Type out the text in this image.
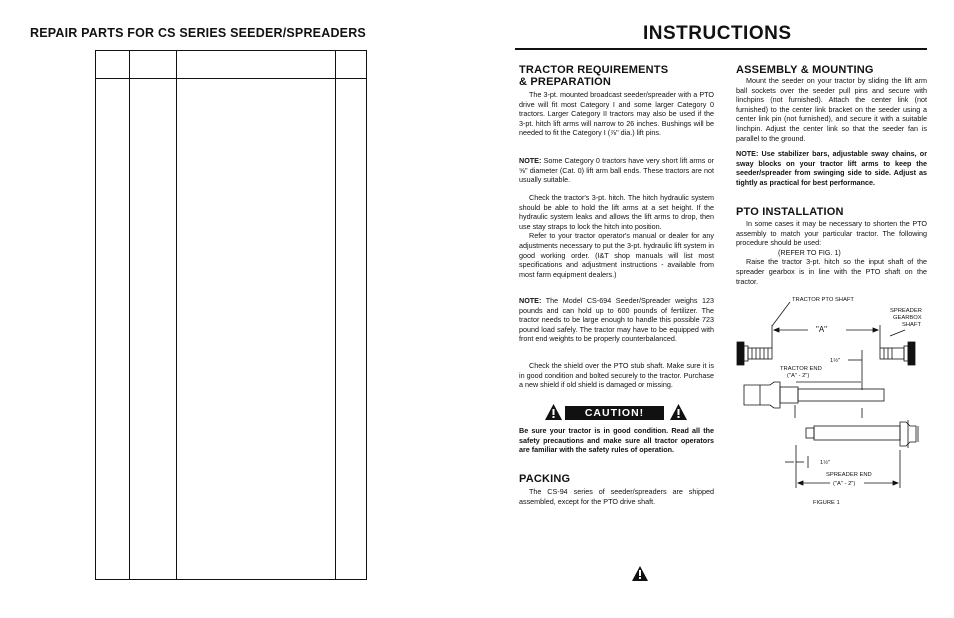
REPAIR PARTS FOR CS SERIES SEEDER/SPREADERS	INSTRUCTIONS
TRACTOR REQUIREMENTS
& PREPARATION

The 3-pt. mounted broadcast seeder/spreader with a PTO drive will fit most Category I and some larger Category 0 tractors. Larger Category II tractors may also be used if the 3-pt. hitch lift arms will narrow to 26 inches. Bushings will be needed to fit the Category I (⅞" dia.) lift pins.

NOTE: Some Category 0 tractors have very short lift arms or ⅝" diameter (Cat. 0) lift arm ball ends. These tractors are not usually suitable.

Check the tractor's 3-pt. hitch. The hitch hydraulic system should be able to hold the lift arms at a set height. If the hydraulic system leaks and allows the lift arms to drop, then use stay straps to lock the hitch into position.

Refer to your tractor operator's manual or dealer for any adjustments necessary to put the 3-pt. hydraulic lift system in good working order. (I&T shop manuals will list most specifications and adjustment instructions - available from most farm equipment dealers.)

NOTE: The Model CS-694 Seeder/Spreader weighs 123 pounds and can hold up to 600 pounds of fertilizer. The tractor needs to be large enough to handle this possible 723 pound load safely. The tractor may have to be equipped with front end weights to be properly counterbalanced.

Check the shield over the PTO stub shaft. Make sure it is in good condition and bolted securely to the tractor. Purchase a new shield if old shield is damaged or missing.

CAUTION!
Be sure your tractor is in good condition. Read all the safety precautions and make sure all tractor operators are familiar with the safety rules of operation.
PACKING

The CS-94 series of seeder/spreaders are shipped assembled, except for the PTO drive shaft.

ASSEMBLY & MOUNTING

Mount the seeder on your tractor by sliding the lift arm ball sockets over the seeder pull pins and secure with linchpins (not furnished). Attach the center link (not furnished) to the center link bracket on the seeder using a center link pin (not furnished), and secure it with a suitable linchpin. Adjust the center link so that the seeder fan is parallel to the ground.

NOTE: Use stabilizer bars, adjustable sway chains, or sway blocks on your tractor lift arms to keep the seeder/spreader from swinging side to side. Adjust as tightly as practical for best performance.
PTO INSTALLATION

In some cases it may be necessary to shorten the PTO assembly to match your particular tractor. The following procedure should be used:

(REFER TO FIG. 1)

Raise the tractor 3-pt. hitch so the input shaft of the spreader gearbox is in line with the PTO shaft on the tractor.

TRACTOR PTO SHAFT
SPREADER
GEARBOX
SHAFT
"A"
1½"
TRACTOR END
("A" - 2")
1½"
SPREADER END
("A" - 2")
FIGURE 1
